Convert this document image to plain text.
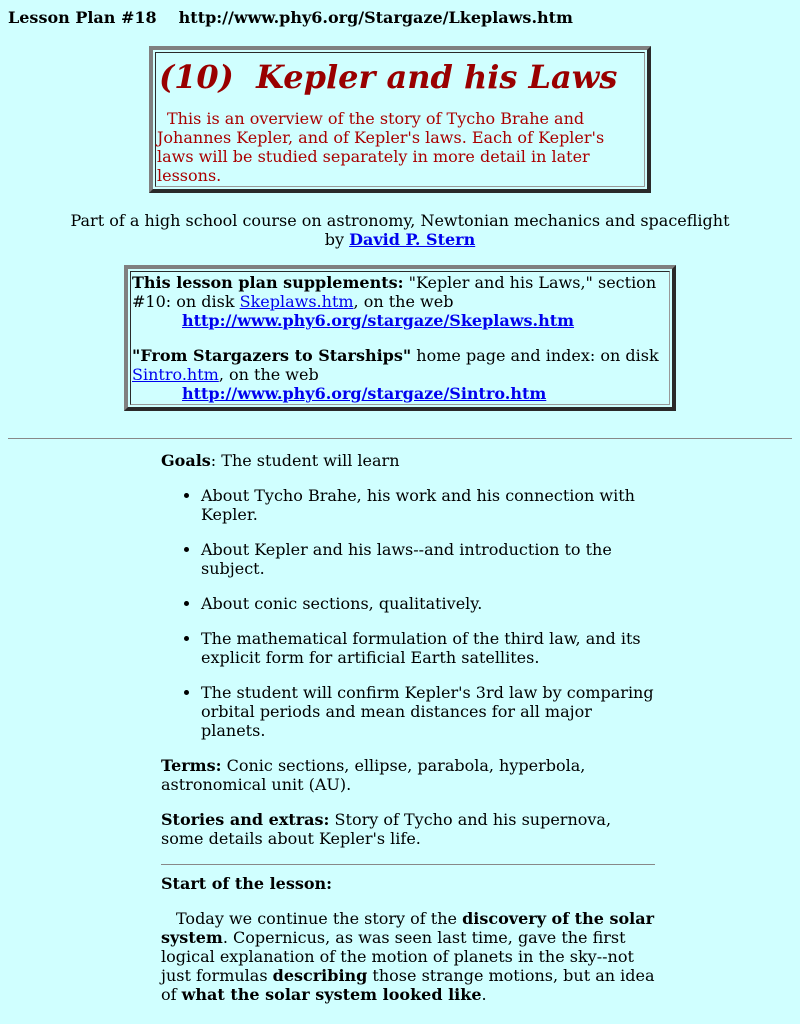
Lesson Plan #18 http://www.phy6.org/Stargaze/Lkeplaws.htm
(10)  Kepler and his Laws

This is an overview of the story of Tycho Brahe and Johannes Kepler, and of Kepler's laws. Each of Kepler's laws will be studied separately in more detail in later lessons.

Part of a high school course on astronomy, Newtonian mechanics and spaceflight
by David P. Stern

This lesson plan supplements: "Kepler and his Laws," section #10: on disk Skeplaws.htm, on the web

http://www.phy6.org/stargaze/Skeplaws.htm

"From Stargazers to Starships" home page and index: on disk Sintro.htm, on the web

http://www.phy6.org/stargaze/Sintro.htm

Goals: The student will learn

• About Tycho Brahe, his work and his connection with Kepler.
• About Kepler and his laws--and introduction to the subject.
• About conic sections, qualitatively.
• The mathematical formulation of the third law, and its explicit form for artificial Earth satellites.
• The student will confirm Kepler's 3rd law by comparing orbital periods and mean distances for all major planets.

Terms: Conic sections, ellipse, parabola, hyperbola, astronomical unit (AU).

Stories and extras: Story of Tycho and his supernova, some details about Kepler's life.

Start of the lesson:

Today we continue the story of the discovery of the solar system. Copernicus, as was seen last time, gave the first logical explanation of the motion of planets in the sky--not just formulas describing those strange motions, but an idea of what the solar system looked like.
